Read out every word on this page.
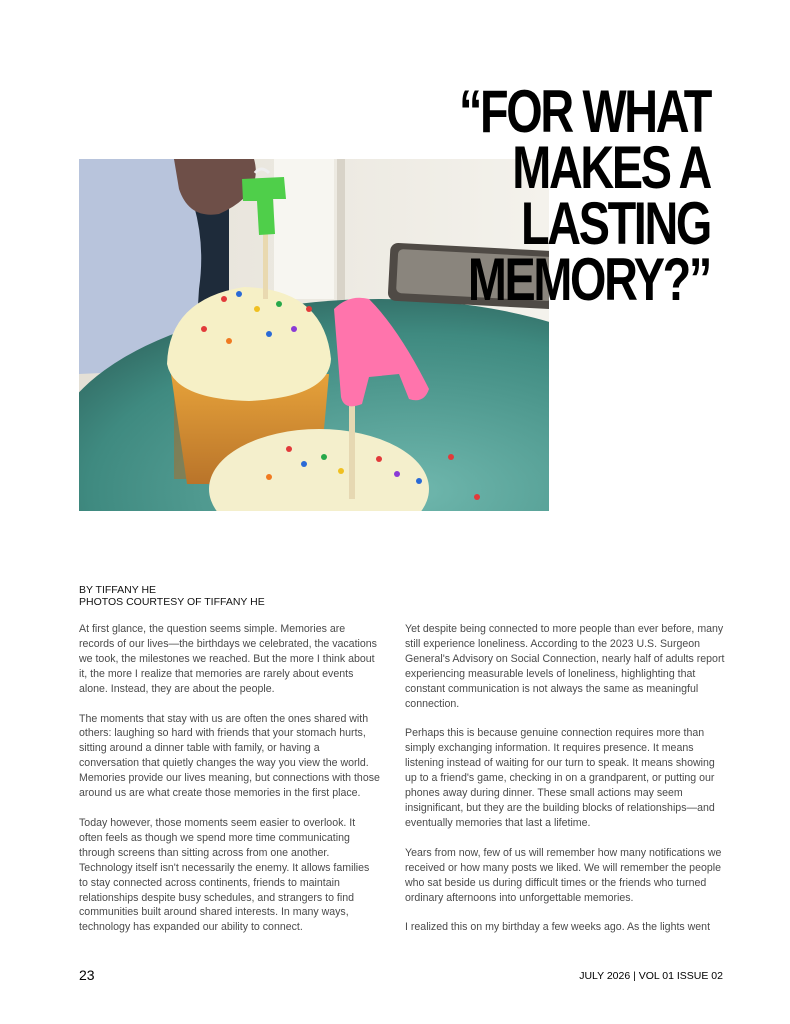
“FOR WHAT MAKES A
LASTING MEMORY?”
BY TIFFANY HE
PHOTOS COURTESY OF TIFFANY HE

At first glance, the question seems simple. Memories are records of our lives—the birthdays we celebrated, the vacations we took, the milestones we reached. But the more I think about it, the more I realize that memories are rarely about events alone. Instead, they are about the people.

The moments that stay with us are often the ones shared with others: laughing so hard with friends that your stomach hurts, sitting around a dinner table with family, or having a conversation that quietly changes the way you view the world. Memories provide our lives meaning, but connections with those around us are what create those memories in the first place.

Today however, those moments seem easier to overlook. It often feels as though we spend more time communicating through screens than sitting across from one another. Technology itself isn't necessarily the enemy. It allows families to stay connected across continents, friends to maintain relationships despite busy schedules, and strangers to find communities built around shared interests. In many ways, technology has expanded our ability to connect.

Yet despite being connected to more people than ever before, many still experience loneliness. According to the 2023 U.S. Surgeon General's Advisory on Social Connection, nearly half of adults report experiencing measurable levels of loneliness, highlighting that constant communication is not always the same as meaningful connection.

Perhaps this is because genuine connection requires more than simply exchanging information. It requires presence. It means listening instead of waiting for our turn to speak. It means showing up to a friend's game, checking in on a grandparent, or putting our phones away during dinner. These small actions may seem insignificant, but they are the building blocks of relationships—and eventually memories that last a lifetime.

Years from now, few of us will remember how many notifications we received or how many posts we liked. We will remember the people who sat beside us during difficult times or the friends who turned ordinary afternoons into unforgettable memories.

I realized this on my birthday a few weeks ago. As the lights went

23	JULY 2026 | VOL 01 ISSUE 02
